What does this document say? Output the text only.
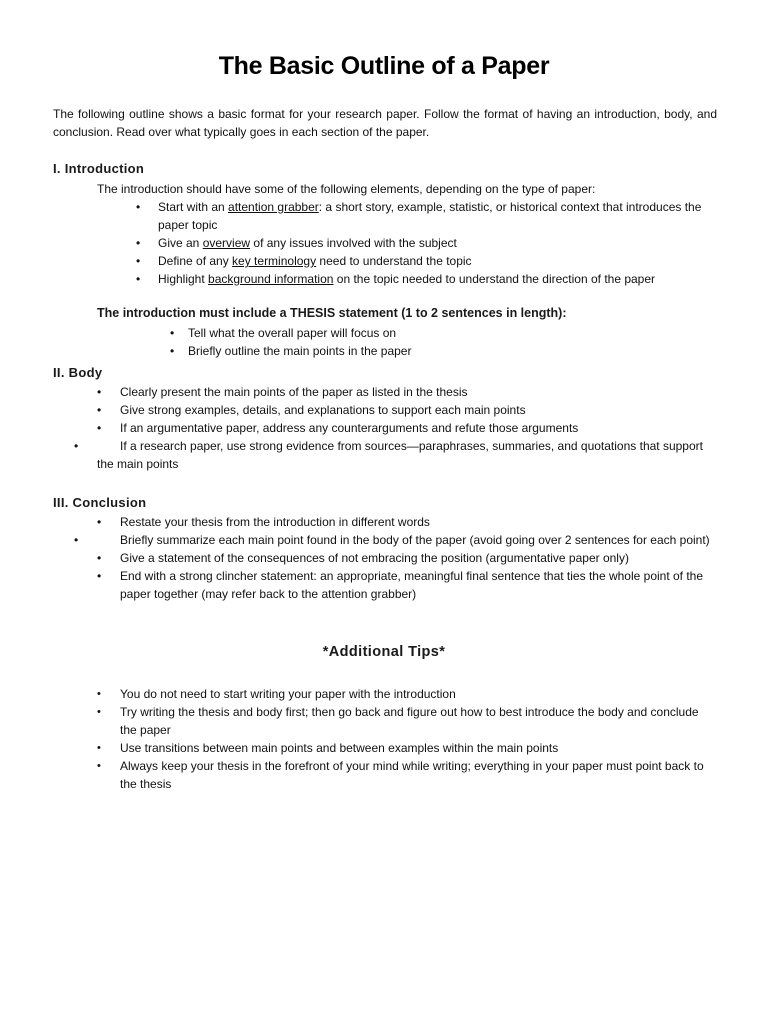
The Basic Outline of a Paper
The following outline shows a basic format for your research paper. Follow the format of having an introduction, body, and conclusion. Read over what typically goes in each section of the paper.
I. Introduction
The introduction should have some of the following elements, depending on the type of paper:
• Start with an attention grabber: a short story, example, statistic, or historical context that introduces the paper topic
• Give an overview of any issues involved with the subject
• Define of any key terminology need to understand the topic
• Highlight background information on the topic needed to understand the direction of the paper
The introduction must include a THESIS statement (1 to 2 sentences in length):
• Tell what the overall paper will focus on
• Briefly outline the main points in the paper
II. Body
• Clearly present the main points of the paper as listed in the thesis
• Give strong examples, details, and explanations to support each main points
• If an argumentative paper, address any counterarguments and refute those arguments
•	If a research paper, use strong evidence from sources—paraphrases, summaries, and quotations that support the main points
III. Conclusion
• Restate your thesis from the introduction in different words
•	Briefly summarize each main point found in the body of the paper (avoid going over 2 sentences for each point)
• Give a statement of the consequences of not embracing the position (argumentative paper only)
• End with a strong clincher statement: an appropriate, meaningful final sentence that ties the whole point of the paper together (may refer back to the attention grabber)
*Additional Tips*
• You do not need to start writing your paper with the introduction
• Try writing the thesis and body first; then go back and figure out how to best introduce the body and conclude the paper
• Use transitions between main points and between examples within the main points
• Always keep your thesis in the forefront of your mind while writing; everything in your paper must point back to the thesis
